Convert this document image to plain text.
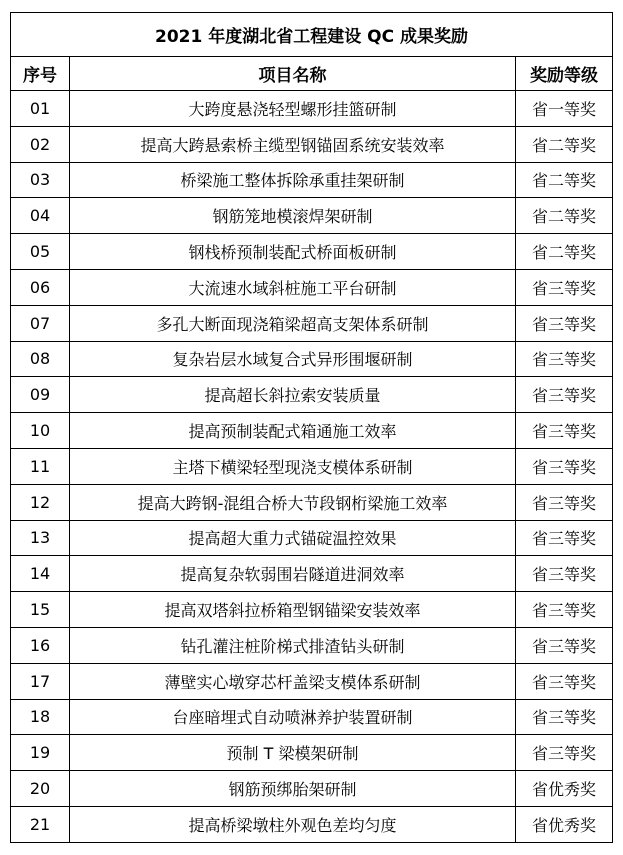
2021 年度湖北省工程建设 QC 成果奖励		
序号	项目名称	奖励等级
01	大跨度悬浇轻型螺形挂篮研制	省一等奖
02	提高大跨悬索桥主缆型钢锚固系统安装效率	省二等奖
03	桥梁施工整体拆除承重挂架研制	省二等奖
04	钢筋笼地模滚焊架研制	省二等奖
05	钢栈桥预制装配式桥面板研制	省二等奖
06	大流速水域斜桩施工平台研制	省三等奖
07	多孔大断面现浇箱梁超高支架体系研制	省三等奖
08	复杂岩层水域复合式异形围堰研制	省三等奖
09	提高超长斜拉索安装质量	省三等奖
10	提高预制装配式箱通施工效率	省三等奖
11	主塔下横梁轻型现浇支模体系研制	省三等奖
12	提高大跨钢-混组合桥大节段钢桁梁施工效率	省三等奖
13	提高超大重力式锚碇温控效果	省三等奖
14	提高复杂软弱围岩隧道进洞效率	省三等奖
15	提高双塔斜拉桥箱型钢锚梁安装效率	省三等奖
16	钻孔灌注桩阶梯式排渣钻头研制	省三等奖
17	薄壁实心墩穿芯杆盖梁支模体系研制	省三等奖
18	台座暗埋式自动喷淋养护装置研制	省三等奖
19	预制 T 梁模架研制	省三等奖
20	钢筋预绑胎架研制	省优秀奖
21	提高桥梁墩柱外观色差均匀度	省优秀奖
